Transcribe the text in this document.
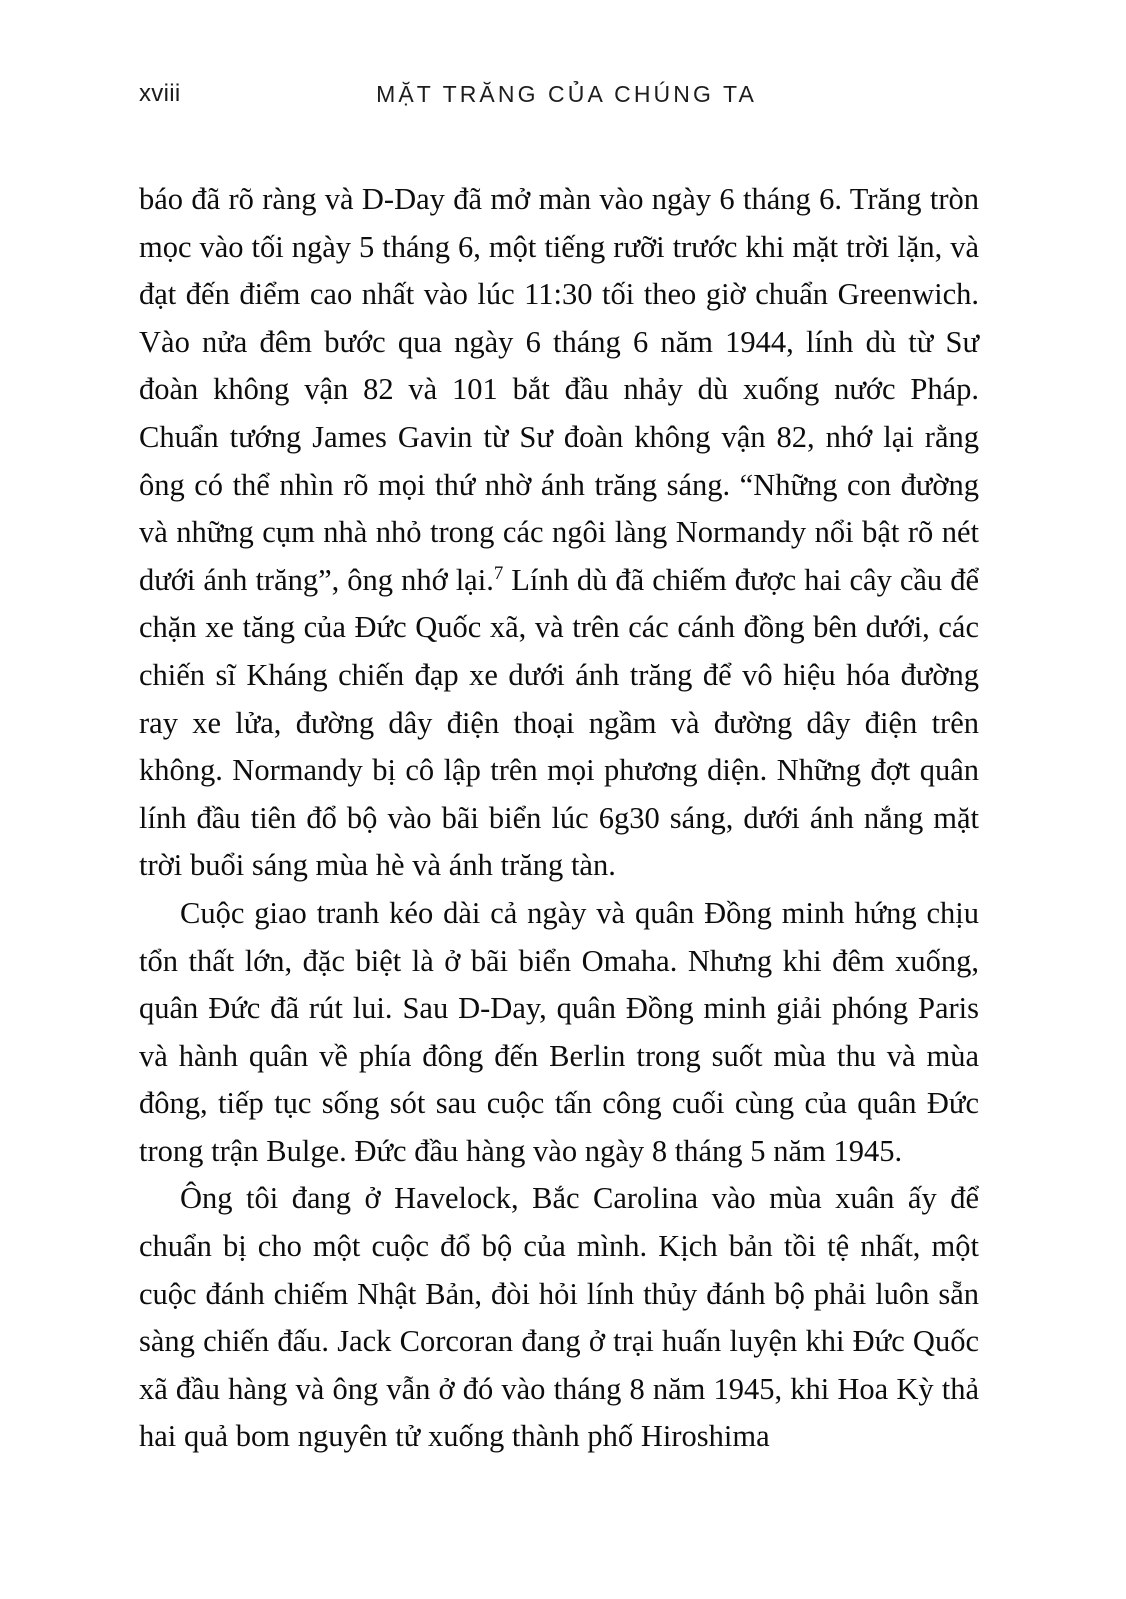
xviii	MẶT TRĂNG CỦA CHÚNG TA

báo đã rõ ràng và D-Day đã mở màn vào ngày 6 tháng 6. Trăng tròn mọc vào tối ngày 5 tháng 6, một tiếng rưỡi trước khi mặt trời lặn, và đạt đến điểm cao nhất vào lúc 11:30 tối theo giờ chuẩn Greenwich. Vào nửa đêm bước qua ngày 6 tháng 6 năm 1944, lính dù từ Sư đoàn không vận 82 và 101 bắt đầu nhảy dù xuống nước Pháp. Chuẩn tướng James Gavin từ Sư đoàn không vận 82, nhớ lại rằng ông có thể nhìn rõ mọi thứ nhờ ánh trăng sáng. “Những con đường và những cụm nhà nhỏ trong các ngôi làng Normandy nổi bật rõ nét dưới ánh trăng”, ông nhớ lại.$^7$ Lính dù đã chiếm được hai cây cầu để chặn xe tăng của Đức Quốc xã, và trên các cánh đồng bên dưới, các chiến sĩ Kháng chiến đạp xe dưới ánh trăng để vô hiệu hóa đường ray xe lửa, đường dây điện thoại ngầm và đường dây điện trên không. Normandy bị cô lập trên mọi phương diện. Những đợt quân lính đầu tiên đổ bộ vào bãi biển lúc 6g30 sáng, dưới ánh nắng mặt trời buổi sáng mùa hè và ánh trăng tàn.

Cuộc giao tranh kéo dài cả ngày và quân Đồng minh hứng chịu tổn thất lớn, đặc biệt là ở bãi biển Omaha. Nhưng khi đêm xuống, quân Đức đã rút lui. Sau D-Day, quân Đồng minh giải phóng Paris và hành quân về phía đông đến Berlin trong suốt mùa thu và mùa đông, tiếp tục sống sót sau cuộc tấn công cuối cùng của quân Đức trong trận Bulge. Đức đầu hàng vào ngày 8 tháng 5 năm 1945.

Ông tôi đang ở Havelock, Bắc Carolina vào mùa xuân ấy để chuẩn bị cho một cuộc đổ bộ của mình. Kịch bản tồi tệ nhất, một cuộc đánh chiếm Nhật Bản, đòi hỏi lính thủy đánh bộ phải luôn sẵn sàng chiến đấu. Jack Corcoran đang ở trại huấn luyện khi Đức Quốc xã đầu hàng và ông vẫn ở đó vào tháng 8 năm 1945, khi Hoa Kỳ thả hai quả bom nguyên tử xuống thành phố Hiroshima
